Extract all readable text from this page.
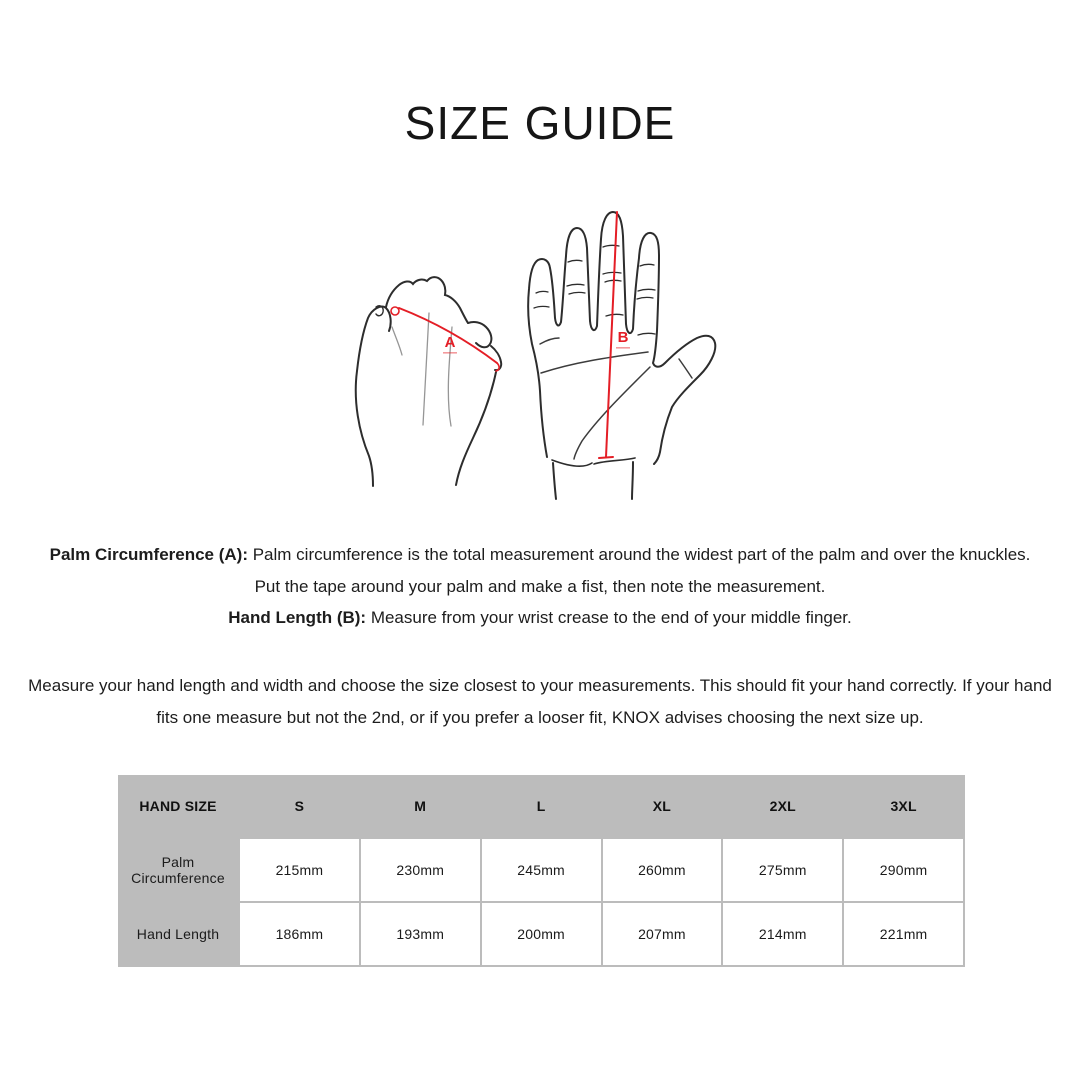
SIZE GUIDE
A	B
Palm Circumference (A): Palm circumference is the total measurement around the widest part of the palm and over the knuckles.
Put the tape around your palm and make a fist, then note the measurement.
Hand Length (B): Measure from your wrist crease to the end of your middle finger.
Measure your hand length and width and choose the size closest to your measurements. This should fit your hand correctly. If your hand
fits one measure but not the 2nd, or if you prefer a looser fit, KNOX advises choosing the next size up.
HAND SIZE	S	M	L	XL	2XL	3XL
Palm Circumference	215mm	230mm	245mm	260mm	275mm	290mm
Hand Length	186mm	193mm	200mm	207mm	214mm	221mm
